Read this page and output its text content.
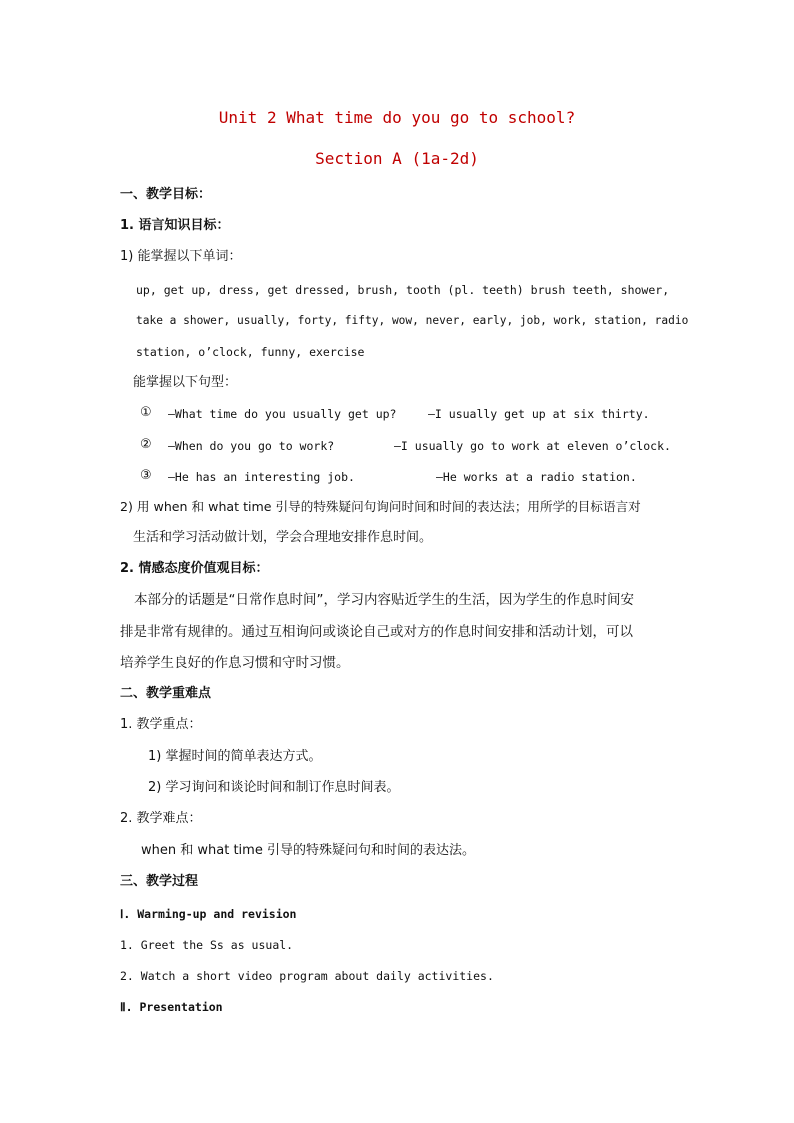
Unit 2 What time do you go to school?
Section A (1a-2d)
一、教学目标：
1. 语言知识目标：
1) 能掌握以下单词：
up, get up, dress, get dressed, brush, tooth (pl. teeth) brush teeth, shower,
take a shower, usually, forty, fifty, wow, never, early, job, work, station, radio
station, o’clock, funny, exercise
能掌握以下句型：
① —What time do you usually get up?	—I usually get up at six thirty.
② —When do you go to work?	—I usually go to work at eleven o’clock.
③ —He has an interesting job.	—He works at a radio station.
2) 用 when 和 what time 引导的特殊疑问句询问时间和时间的表达法；用所学的目标语言对
生活和学习活动做计划，学会合理地安排作息时间。
2. 情感态度价值观目标：
本部分的话题是“日常作息时间”，学习内容贴近学生的生活，因为学生的作息时间安
排是非常有规律的。通过互相询问或谈论自己或对方的作息时间安排和活动计划，可以
培养学生良好的作息习惯和守时习惯。
二、教学重难点
1. 教学重点：
1) 掌握时间的简单表达方式。
2) 学习询问和谈论时间和制订作息时间表。
2. 教学难点：
when 和 what time 引导的特殊疑问句和时间的表达法。
三、教学过程
Ⅰ. Warming-up and revision
1. Greet the Ss as usual.
2. Watch a short video program about daily activities.
Ⅱ. Presentation
